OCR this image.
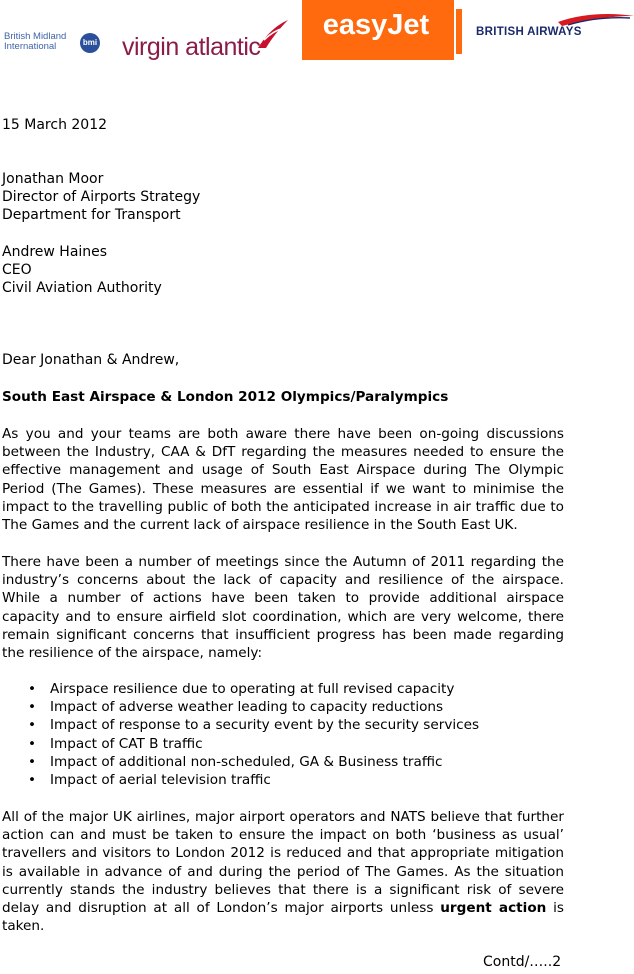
British Midland
International	bmi virgin atlantic
easyJet	BRITISH AIRWAYS

15 March 2012

Jonathan Moor

Director of Airports Strategy

Department for Transport

Andrew Haines

CEO

Civil Aviation Authority

Dear Jonathan & Andrew,

South East Airspace & London 2012 Olympics/Paralympics

As you and your teams are both aware there have been on-going discussions between the Industry, CAA & DfT regarding the measures needed to ensure the effective management and usage of South East Airspace during The Olympic Period (The Games). These measures are essential if we want to minimise the impact to the travelling public of both the anticipated increase in air traffic due to The Games and the current lack of airspace resilience in the South East UK.

There have been a number of meetings since the Autumn of 2011 regarding the industry’s concerns about the lack of capacity and resilience of the airspace. While a number of actions have been taken to provide additional airspace capacity and to ensure airfield slot coordination, which are very welcome, there remain significant concerns that insufficient progress has been made regarding the resilience of the airspace, namely:

• Airspace resilience due to operating at full revised capacity
• Impact of adverse weather leading to capacity reductions
• Impact of response to a security event by the security services
• Impact of CAT B traffic
• Impact of additional non-scheduled, GA & Business traffic
• Impact of aerial television traffic

All of the major UK airlines, major airport operators and NATS believe that further action can and must be taken to ensure the impact on both ‘business as usual’ travellers and visitors to London 2012 is reduced and that appropriate mitigation is available in advance of and during the period of The Games. As the situation currently stands the industry believes that there is a significant risk of severe delay and disruption at all of London’s major airports unless urgent action is taken.

Contd/…..2
